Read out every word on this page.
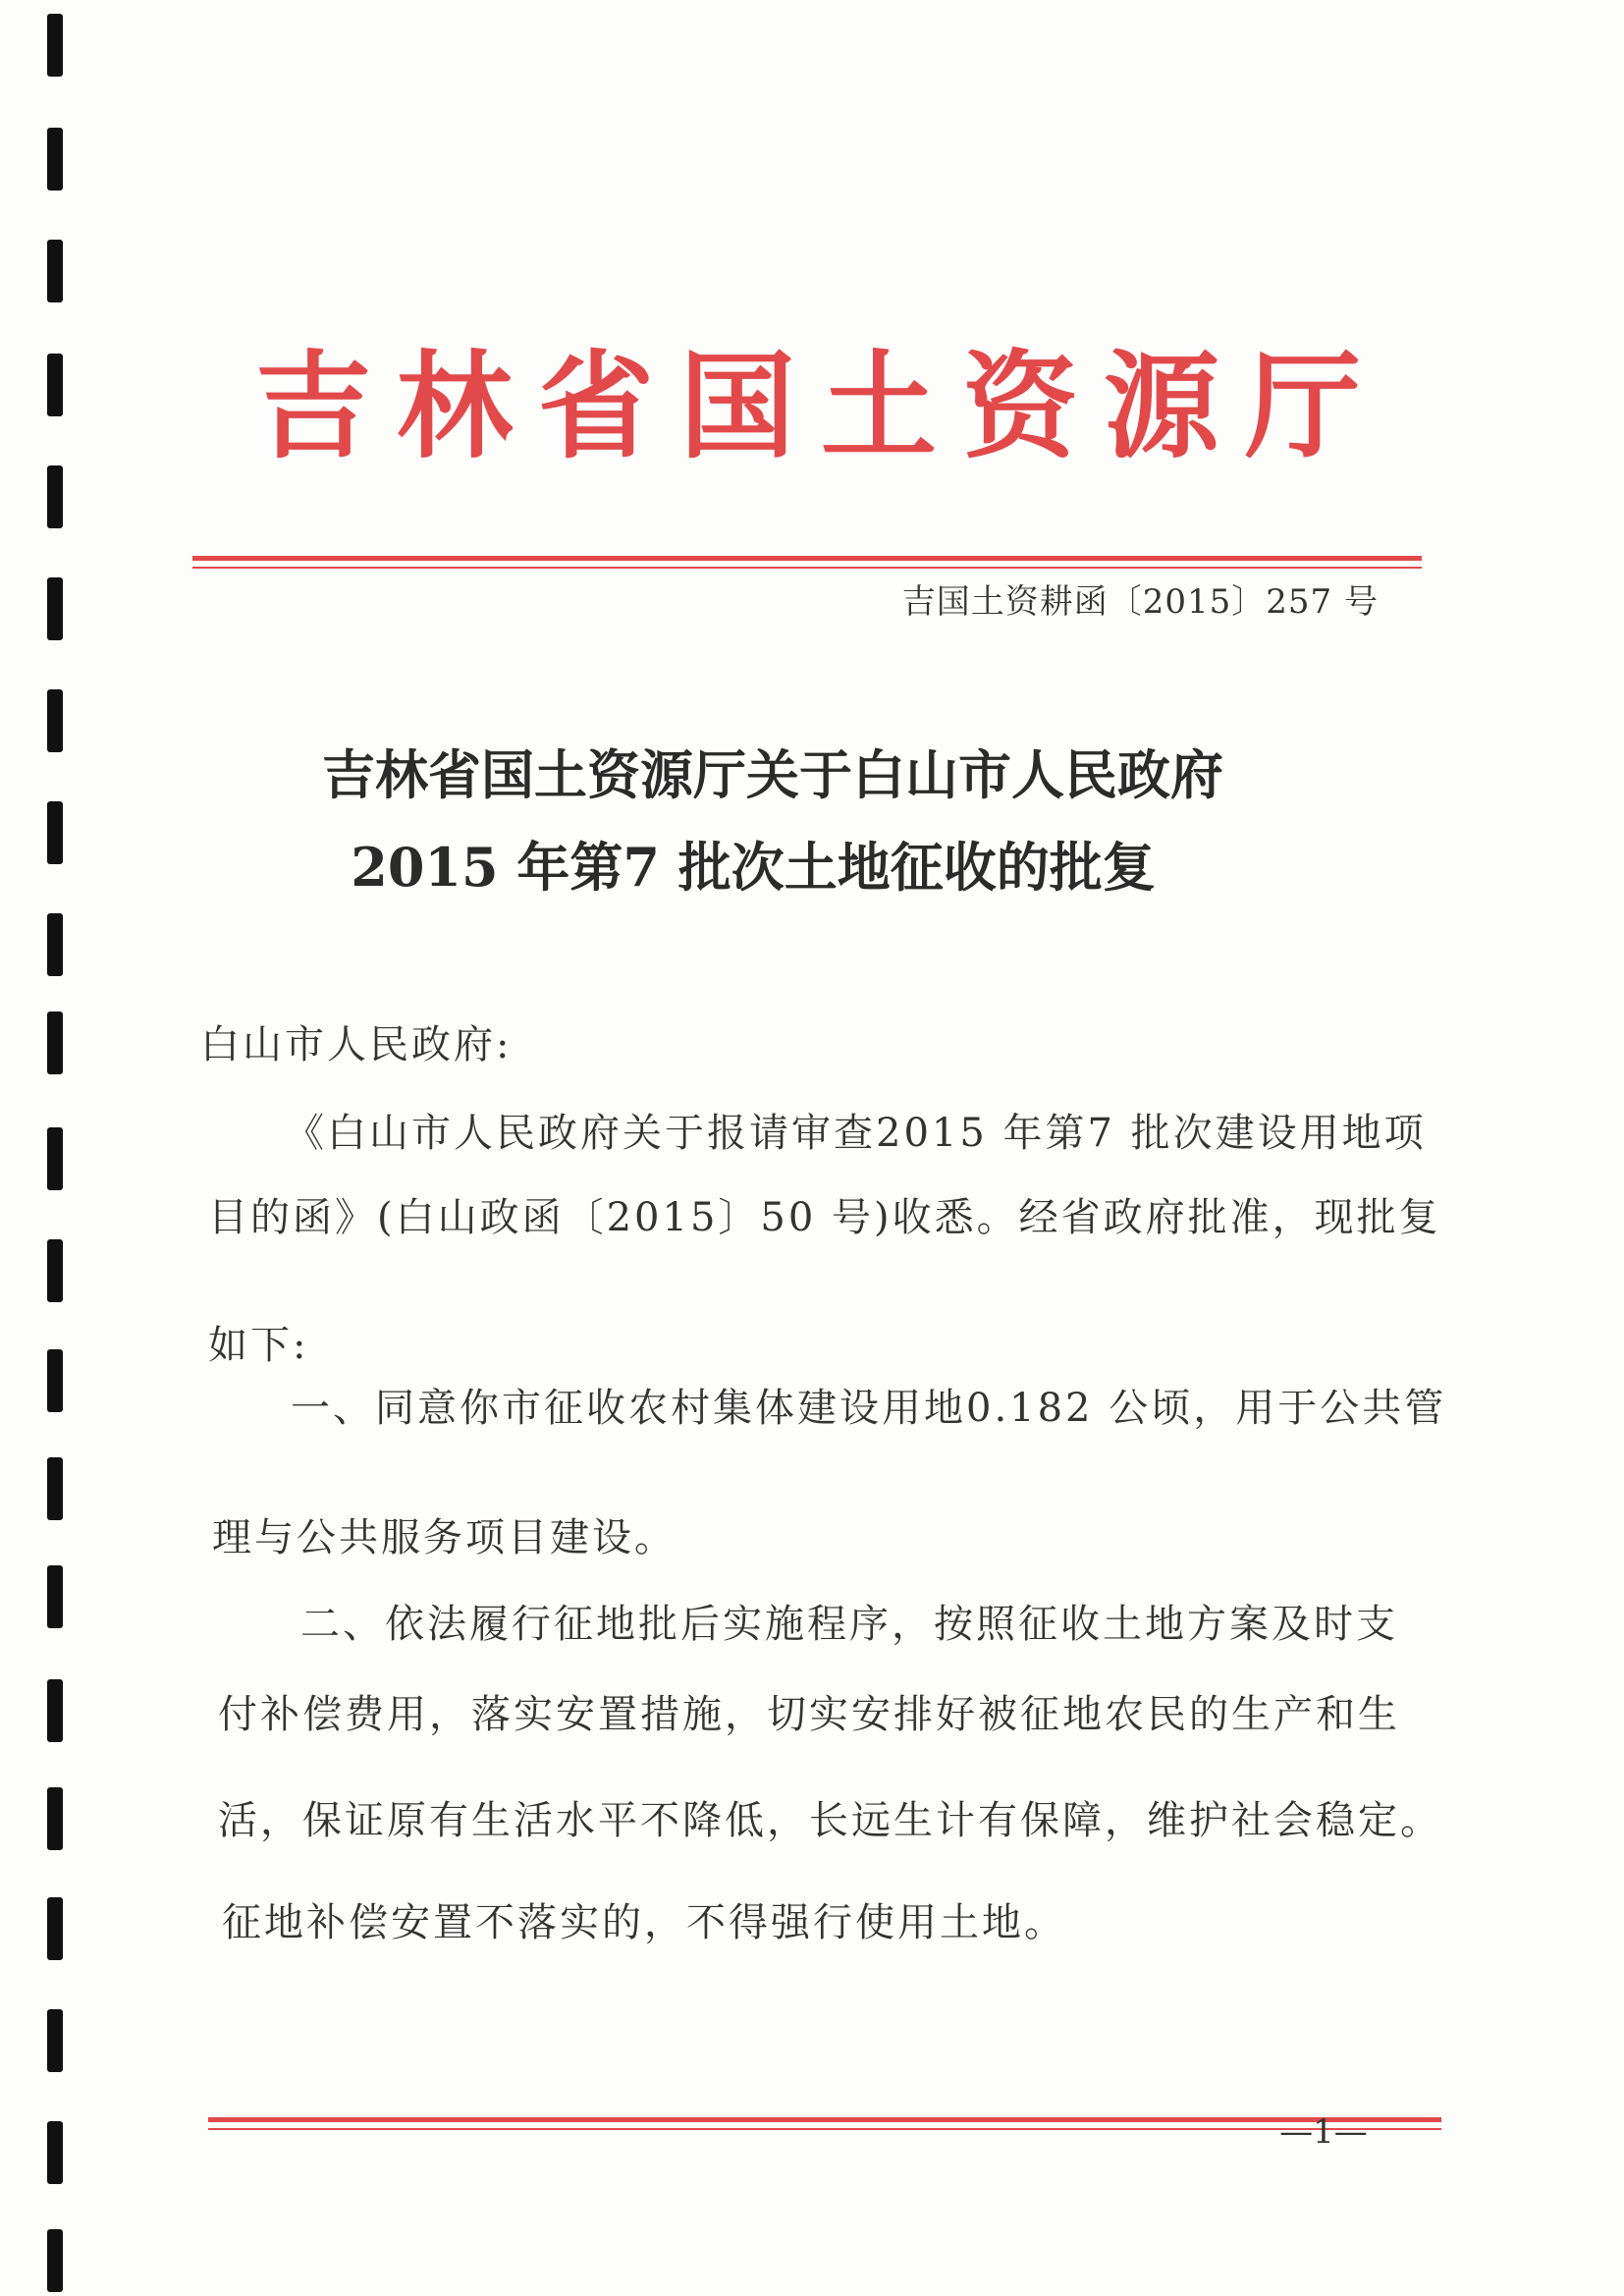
吉林省国土资源厅
吉国土资耕函〔2015〕257 号
吉林省国土资源厅关于白山市人民政府
2015 年第7 批次土地征收的批复
白山市人民政府:
《白山市人民政府关于报请审查2015 年第7 批次建设用地项
目的函》(白山政函〔2015〕50 号)收悉。经省政府批准，现批复
如下:
一、同意你市征收农村集体建设用地0.182 公顷，用于公共管
理与公共服务项目建设。
二、依法履行征地批后实施程序，按照征收土地方案及时支
付补偿费用，落实安置措施，切实安排好被征地农民的生产和生
活，保证原有生活水平不降低，长远生计有保障，维护社会稳定。
征地补偿安置不落实的，不得强行使用土地。
—1—
